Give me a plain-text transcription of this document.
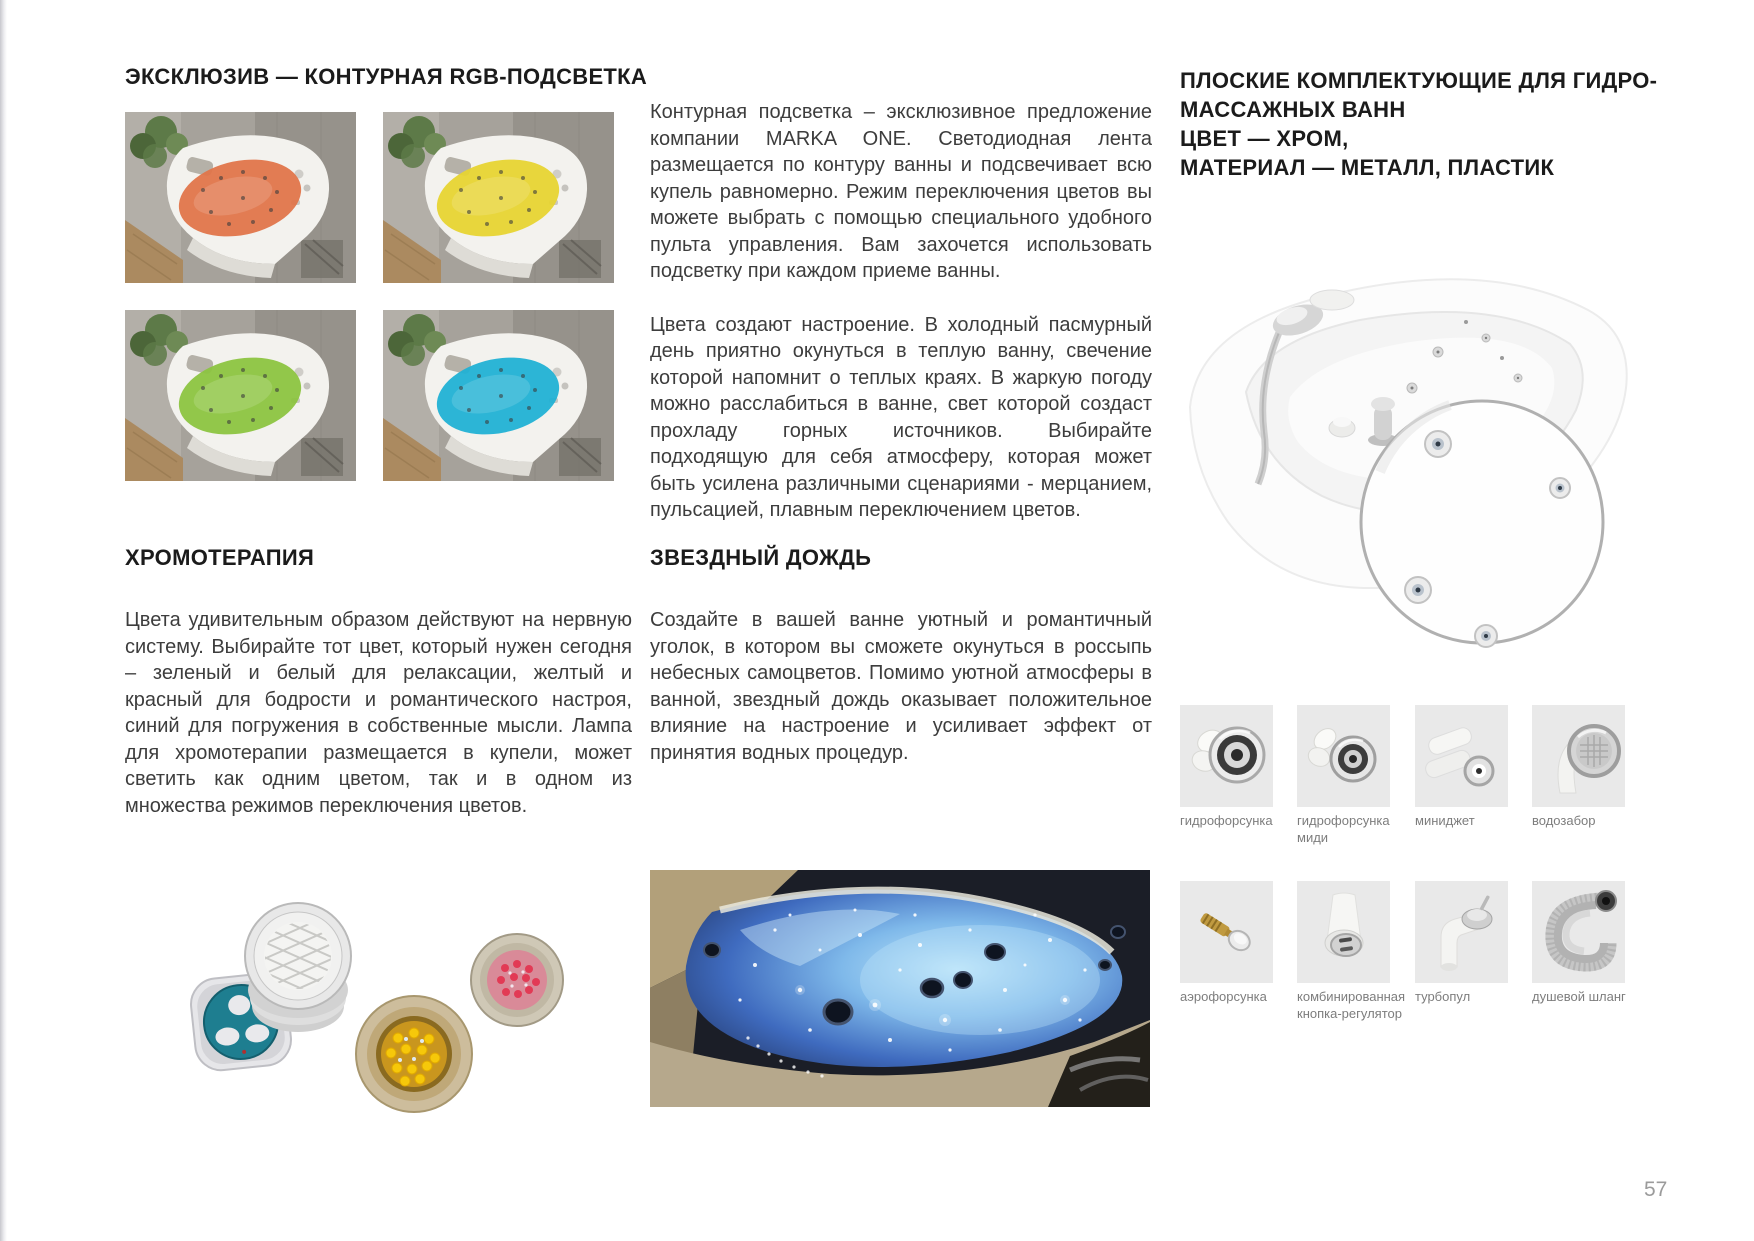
ЭКСКЛЮЗИВ — КОНТУРНАЯ RGB-ПОДСВЕТКА

Контурная подсветка – эксклюзивное предложение компании MARKA ONE. Светодиодная лента размещается по контуру ванны и подсвечивает всю купель равномерно. Режим переключения цветов вы можете выбрать с помощью специального удобного пульта управления. Вам захочется использовать подсветку при каждом приеме ванны.

Цвета создают настроение. В холодный пасмурный день приятно окунуться в теплую ванну, свечение которой напомнит о теплых краях. В жаркую погоду можно расслабиться в ванне, свет которой создаст прохладу горных источников. Выбирайте подходящую для себя атмосферу, которая может быть усилена различными сценариями - мерцанием, пульсацией, плавным переключением цветов.

ХРОМОТЕРАПИЯ
Цвета удивительным образом действуют на нервную систему. Выбирайте тот цвет, который нужен сегодня – зеленый и белый для релаксации, желтый и красный для бодрости и романтического настроя, синий для погружения в собственные мысли. Лампа для хромотерапии размещается в купели, может светить как одним цветом, так и в одном из множества режимов переключения цветов.
ЗВЕЗДНЫЙ ДОЖДЬ
Создайте в вашей ванне уютный и романтичный уголок, в котором вы сможете окунуться в россыпь небесных самоцветов. Помимо уютной атмосферы в ванной, звездный дождь оказывает положительное влияние на настроение и усиливает эффект от принятия водных процедур.
ПЛОСКИЕ КОМПЛЕКТУЮЩИЕ ДЛЯ ГИДРО-
МАССАЖНЫХ ВАНН
ЦВЕТ — ХРОМ,
МАТЕРИАЛ — МЕТАЛЛ, ПЛАСТИК
гидрофорсунка	гидрофорсунка миди
миниджет	водозабор
аэрофорсунка	комбинированная кнопка-регулятор
турбопул	душевой шланг
57
